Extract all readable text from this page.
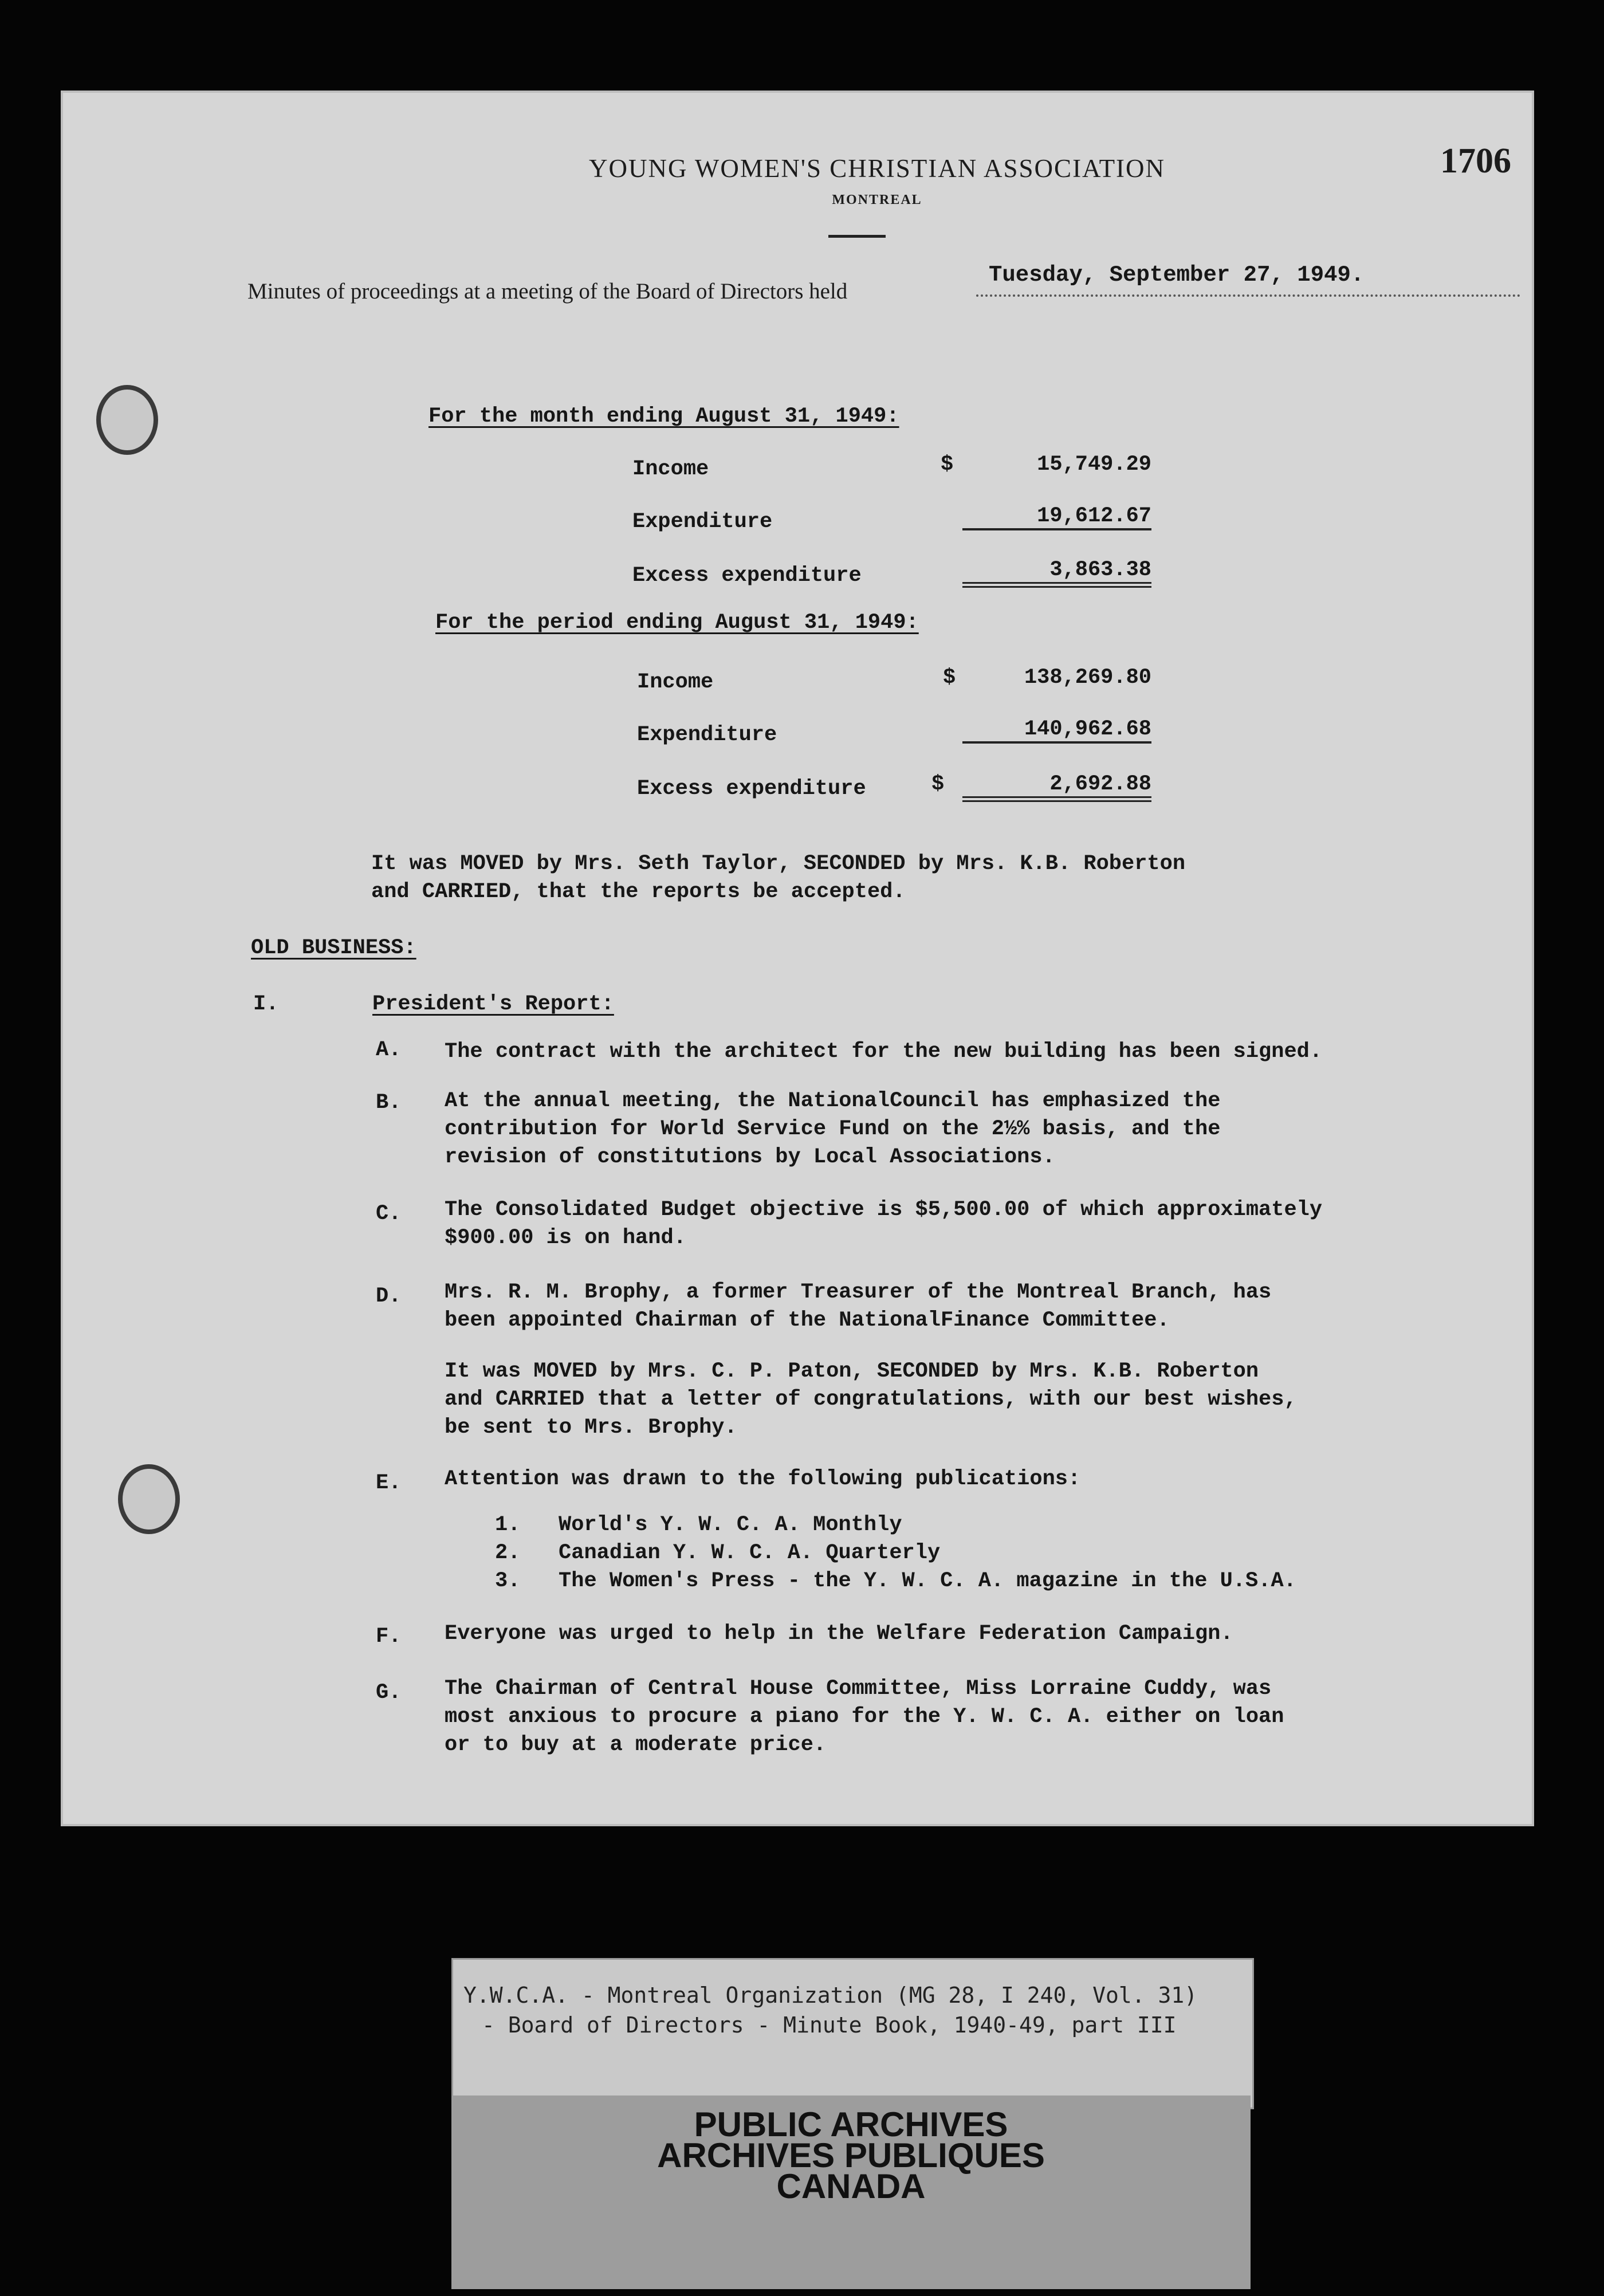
YOUNG WOMEN'S CHRISTIAN ASSOCIATION
MONTREAL
1706
Minutes of proceedings at a meeting of the Board of Directors held
Tuesday, September 27, 1949.
For the month ending August 31, 1949:
Income	$	15,749.29
Expenditure	19,612.67
Excess expenditure	3,863.38
For the period ending August 31, 1949:
Income	$	138,269.80
Expenditure	140,962.68
Excess expenditure	$	2,692.88
It was MOVED by Mrs. Seth Taylor, SECONDED by Mrs. K.B. Roberton
and CARRIED, that the reports be accepted.
OLD BUSINESS:
I.	President's Report:
A. The contract with the architect for the new building has been signed.
B. At the annual meeting, the NationalCouncil has emphasized the
contribution for World Service Fund on the 2½% basis, and the
revision of constitutions by Local Associations.
C. The Consolidated Budget objective is $5,500.00 of which approximately
$900.00 is on hand.
D. Mrs. R. M. Brophy, a former Treasurer of the Montreal Branch, has
been appointed Chairman of the NationalFinance Committee.
It was MOVED by Mrs. C. P. Paton, SECONDED by Mrs. K.B. Roberton
and CARRIED that a letter of congratulations, with our best wishes,
be sent to Mrs. Brophy.
E. Attention was drawn to the following publications:
1. World's Y. W. C. A. Monthly
2. Canadian Y. W. C. A. Quarterly
3. The Women's Press - the Y. W. C. A. magazine in the U.S.A.
F. Everyone was urged to help in the Welfare Federation Campaign.
G. The Chairman of Central House Committee, Miss Lorraine Cuddy, was
most anxious to procure a piano for the Y. W. C. A. either on loan
or to buy at a moderate price.
Y.W.C.A. - Montreal Organization (MG 28, I 240, Vol. 31)
- Board of Directors - Minute Book, 1940-49, part III
PUBLIC ARCHIVES
ARCHIVES PUBLIQUES
CANADA
